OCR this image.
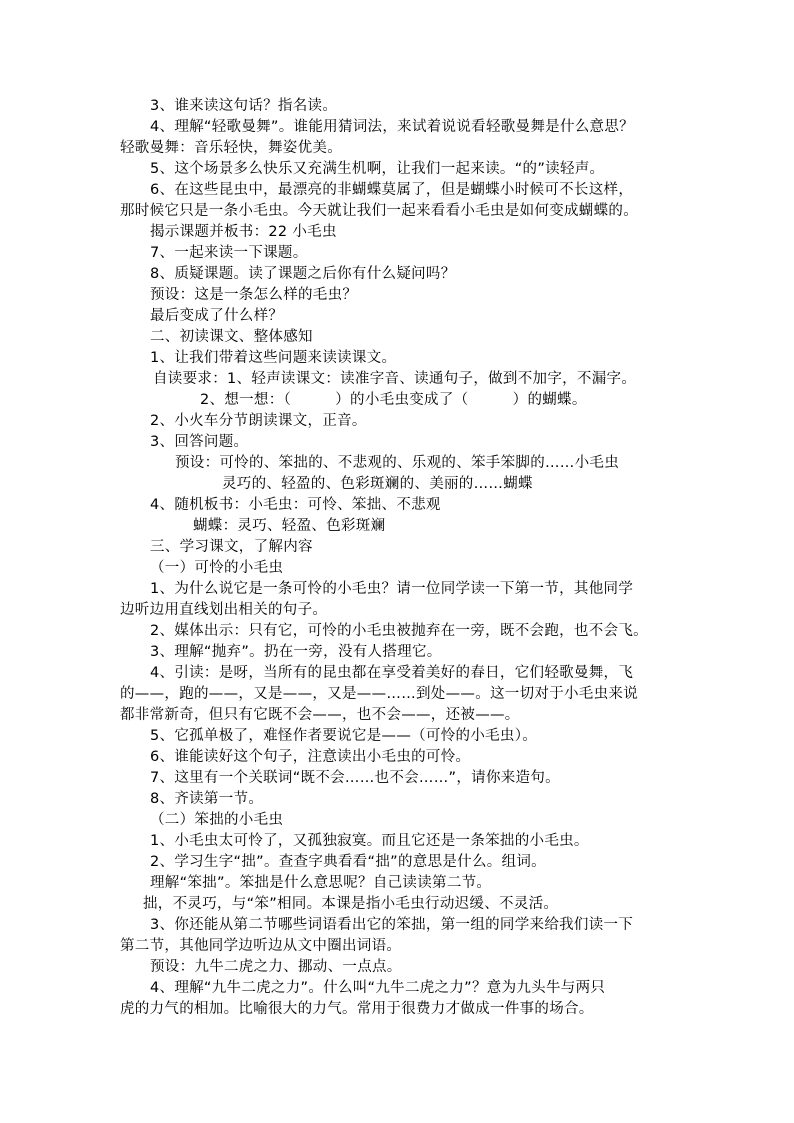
3、谁来读这句话？指名读。
4、理解“轻歌曼舞”。谁能用猜词法，来试着说说看轻歌曼舞是什么意思？
轻歌曼舞：音乐轻快，舞姿优美。
5、这个场景多么快乐又充满生机啊，让我们一起来读。“的”读轻声。
6、在这些昆虫中，最漂亮的非蝴蝶莫属了，但是蝴蝶小时候可不长这样，
那时候它只是一条小毛虫。今天就让我们一起来看看小毛虫是如何变成蝴蝶的。
揭示课题并板书：22 小毛虫
7、一起来读一下课题。
8、质疑课题。读了课题之后你有什么疑问吗？
预设：这是一条怎么样的毛虫？
最后变成了什么样？
二、初读课文、整体感知
1、让我们带着这些问题来读读课文。
自读要求：1、轻声读课文：读准字音、读通句子，做到不加字，不漏字。
2、想一想：（         ）的小毛虫变成了（         ）的蝴蝶。
2、小火车分节朗读课文，正音。
3、回答问题。
预设：可怜的、笨拙的、不悲观的、乐观的、笨手笨脚的……小毛虫
灵巧的、轻盈的、色彩斑斓的、美丽的……蝴蝶
4、随机板书：小毛虫：可怜、笨拙、不悲观
蝴蝶：灵巧、轻盈、色彩斑斓
三、学习课文，了解内容
（一）可怜的小毛虫
1、为什么说它是一条可怜的小毛虫？请一位同学读一下第一节，其他同学
边听边用直线划出相关的句子。
2、媒体出示：只有它，可怜的小毛虫被抛弃在一旁，既不会跑，也不会飞。
3、理解“抛弃”。扔在一旁，没有人搭理它。
4、引读：是呀，当所有的昆虫都在享受着美好的春日，它们轻歌曼舞，飞
的——，跑的——，又是——，又是——……到处——。这一切对于小毛虫来说
都非常新奇，但只有它既不会——，也不会——，还被——。
5、它孤单极了，难怪作者要说它是——（可怜的小毛虫）。
6、谁能读好这个句子，注意读出小毛虫的可怜。
7、这里有一个关联词“既不会……也不会……”，请你来造句。
8、齐读第一节。
（二）笨拙的小毛虫
1、小毛虫太可怜了，又孤独寂寞。而且它还是一条笨拙的小毛虫。
2、学习生字“拙”。查查字典看看“拙”的意思是什么。组词。
理解“笨拙”。笨拙是什么意思呢？自己读读第二节。
拙，不灵巧，与“笨”相同。本课是指小毛虫行动迟缓、不灵活。
3、你还能从第二节哪些词语看出它的笨拙，第一组的同学来给我们读一下
第二节，其他同学边听边从文中圈出词语。
预设：九牛二虎之力、挪动、一点点。
4、理解“九牛二虎之力”。什么叫“九牛二虎之力”？意为九头牛与两只
虎的力气的相加。比喻很大的力气。常用于很费力才做成一件事的场合。
